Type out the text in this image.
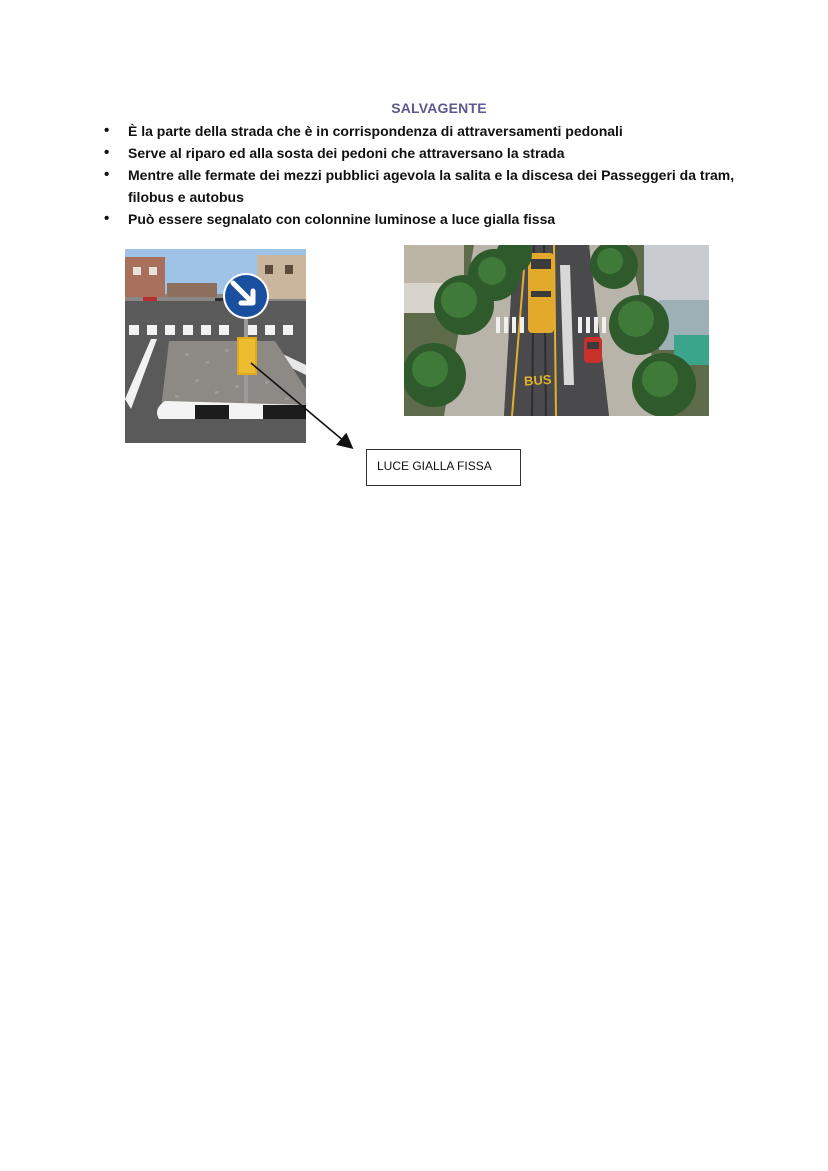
SALVAGENTE
• È la parte della strada che è in corrispondenza di attraversamenti pedonali
• Serve al riparo ed alla sosta dei pedoni che attraversano la strada
• Mentre alle fermate dei mezzi pubblici agevola la salita e la discesa dei Passeggeri da tram, filobus e autobus
• Può essere segnalato con colonnine luminose a luce gialla fissa
BUS
LUCE GIALLA FISSA
